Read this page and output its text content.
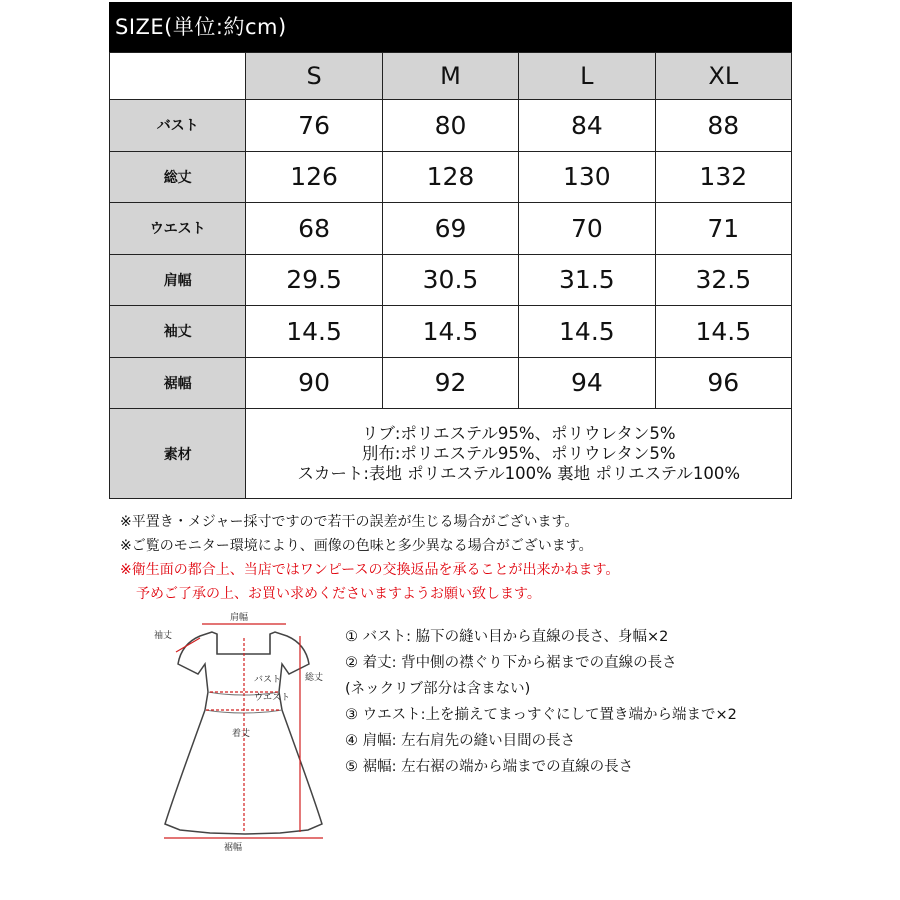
SIZE(単位:約cm)
	S	M	L	XL
バスト	76	80	84	88
総丈	126	128	130	132
ウエスト	68	69	70	71
肩幅	29.5	30.5	31.5	32.5
袖丈	14.5	14.5	14.5	14.5
裾幅	90	92	94	96
素材	リブ:ポリエステル95%、ポリウレタン5%
別布:ポリエステル95%、ポリウレタン5%
スカート:表地 ポリエステル100% 裏地 ポリエステル100%			
※平置き・メジャー採寸ですので若干の誤差が生じる場合がございます。
※ご覧のモニター環境により、画像の色味と多少異なる場合がございます。
※衛生面の都合上、当店ではワンピースの交換返品を承ることが出来かねます。
予めご了承の上、お買い求めくださいますようお願い致します。
肩幅
袖丈
総丈
バスト
ウエスト
着丈
裾幅
① バスト: 脇下の縫い目から直線の長さ、身幅×2
② 着丈: 背中側の襟ぐり下から裾までの直線の長さ
(ネックリブ部分は含まない)
③ ウエスト:上を揃えてまっすぐにして置き端から端まで×2
④ 肩幅: 左右肩先の縫い目間の長さ
⑤ 裾幅: 左右裾の端から端までの直線の長さ
